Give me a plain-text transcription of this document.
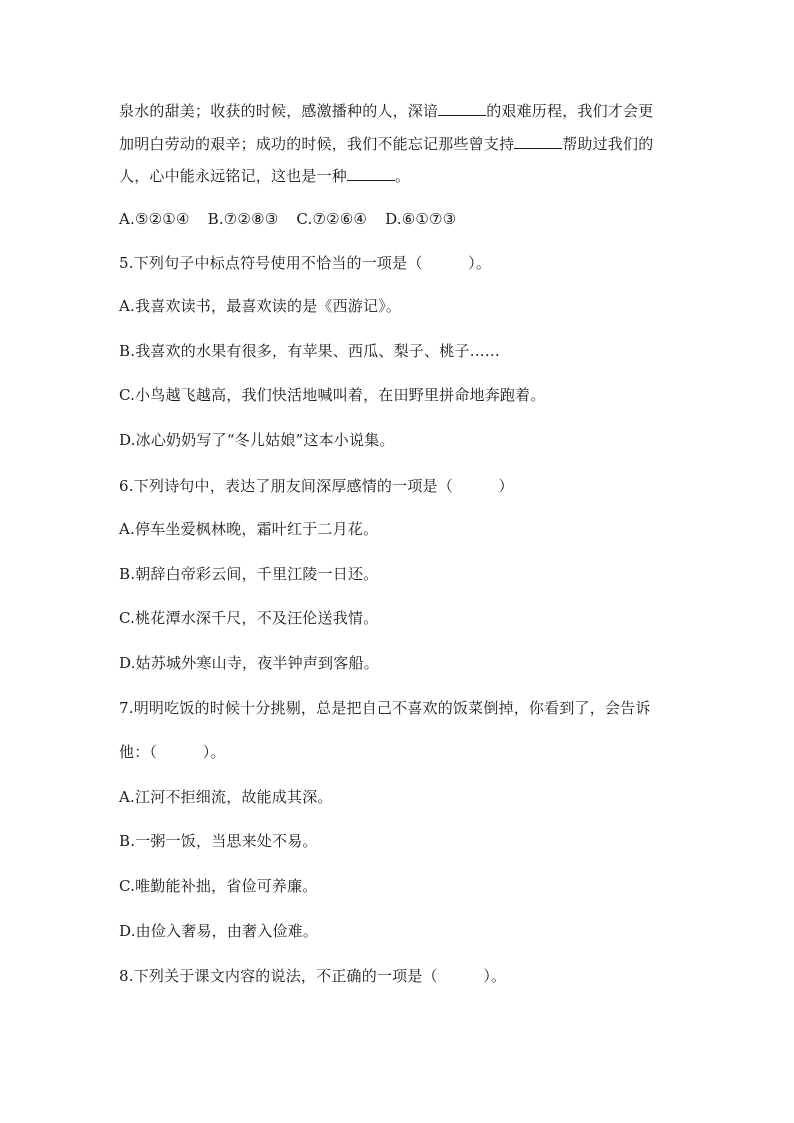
泉水的甜美；收获的时候，感激播种的人，深谙	的艰难历程，我们才会更
加明白劳动的艰辛；成功的时候，我们不能忘记那些曾支持	帮助过我们的
人，心中能永远铭记，这也是一种	。
A.⑤②①④ B.⑦②⑧③ C.⑦②⑥④ D.⑥①⑦③
5.下列句子中标点符号使用不恰当的一项是（　　　）。
A.我喜欢读书，最喜欢读的是《西游记》。
B.我喜欢的水果有很多，有苹果、西瓜、梨子、桃子……
C.小鸟越飞越高，我们快活地喊叫着，在田野里拼命地奔跑着。
D.冰心奶奶写了“冬儿姑娘”这本小说集。
6.下列诗句中，表达了朋友间深厚感情的一项是（　　　）
A.停车坐爱枫林晚，霜叶红于二月花。
B.朝辞白帝彩云间，千里江陵一日还。
C.桃花潭水深千尺，不及汪伦送我情。
D.姑苏城外寒山寺，夜半钟声到客船。
7.明明吃饭的时候十分挑剔，总是把自己不喜欢的饭菜倒掉，你看到了，会告诉
他：（　　　）。
A.江河不拒细流，故能成其深。
B.一粥一饭，当思来处不易。
C.唯勤能补拙，省俭可养廉。
D.由俭入奢易，由奢入俭难。
8.下列关于课文内容的说法，不正确的一项是（　　　）。
